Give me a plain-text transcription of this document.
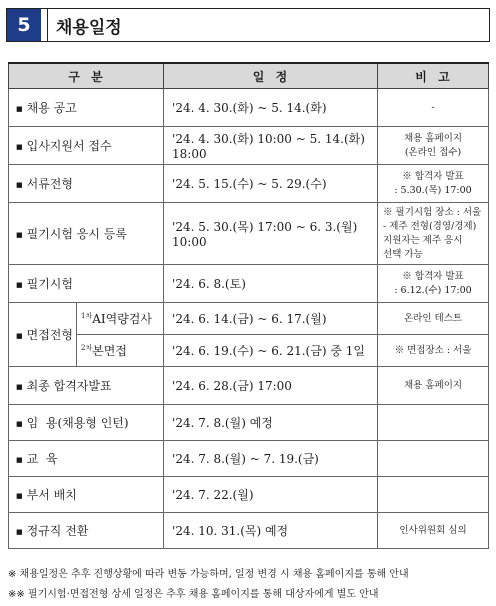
5	채용일정
구  분		일  정	비  고
■ 채용 공고		'24. 4. 30.(화) ~ 5. 14.(화)	-
■ 입사지원서 접수		'24. 4. 30.(화) 10:00 ~ 5. 14.(화) 18:00	채용 홈페이지
(온라인 접수)
■ 서류전형		'24. 5. 15.(수) ~ 5. 29.(수)	※ 합격자 발표
: 5.30.(목) 17:00
■ 필기시험 응시 등록		'24. 5. 30.(목) 17:00 ~ 6. 3.(월) 10:00	※ 필기시험 장소 : 서울
- 제주 전형(경영/경제)
지원자는 제주 응시
선택 가능
■ 필기시험		'24. 6. 8.(토)	※ 합격자 발표
: 6.12.(수) 17:00
■ 면접전형	$^{1차}$AI역량검사	'24. 6. 14.(금) ~ 6. 17.(월)	온라인 테스트
	$^{2차}$본면접	'24. 6. 19.(수) ~ 6. 21.(금) 중 1일	※ 면접장소 : 서울
■ 최종 합격자발표		'24. 6. 28.(금) 17:00	채용 홈페이지
■ 임  용(채용형 인턴)		'24. 7. 8.(월) 예정	
■ 교  육		'24. 7. 8.(월) ~ 7. 19.(금)	
■ 부서 배치		'24. 7. 22.(월)	
■ 정규직 전환		'24. 10. 31.(목) 예정	인사위원회 심의
※ 채용일정은 추후 진행상황에 따라 변동 가능하며, 일정 변경 시 채용 홈페이지를 통해 안내
※※ 필기시험·면접전형 상세 일정은 추후 채용 홈페이지를 통해 대상자에게 별도 안내
